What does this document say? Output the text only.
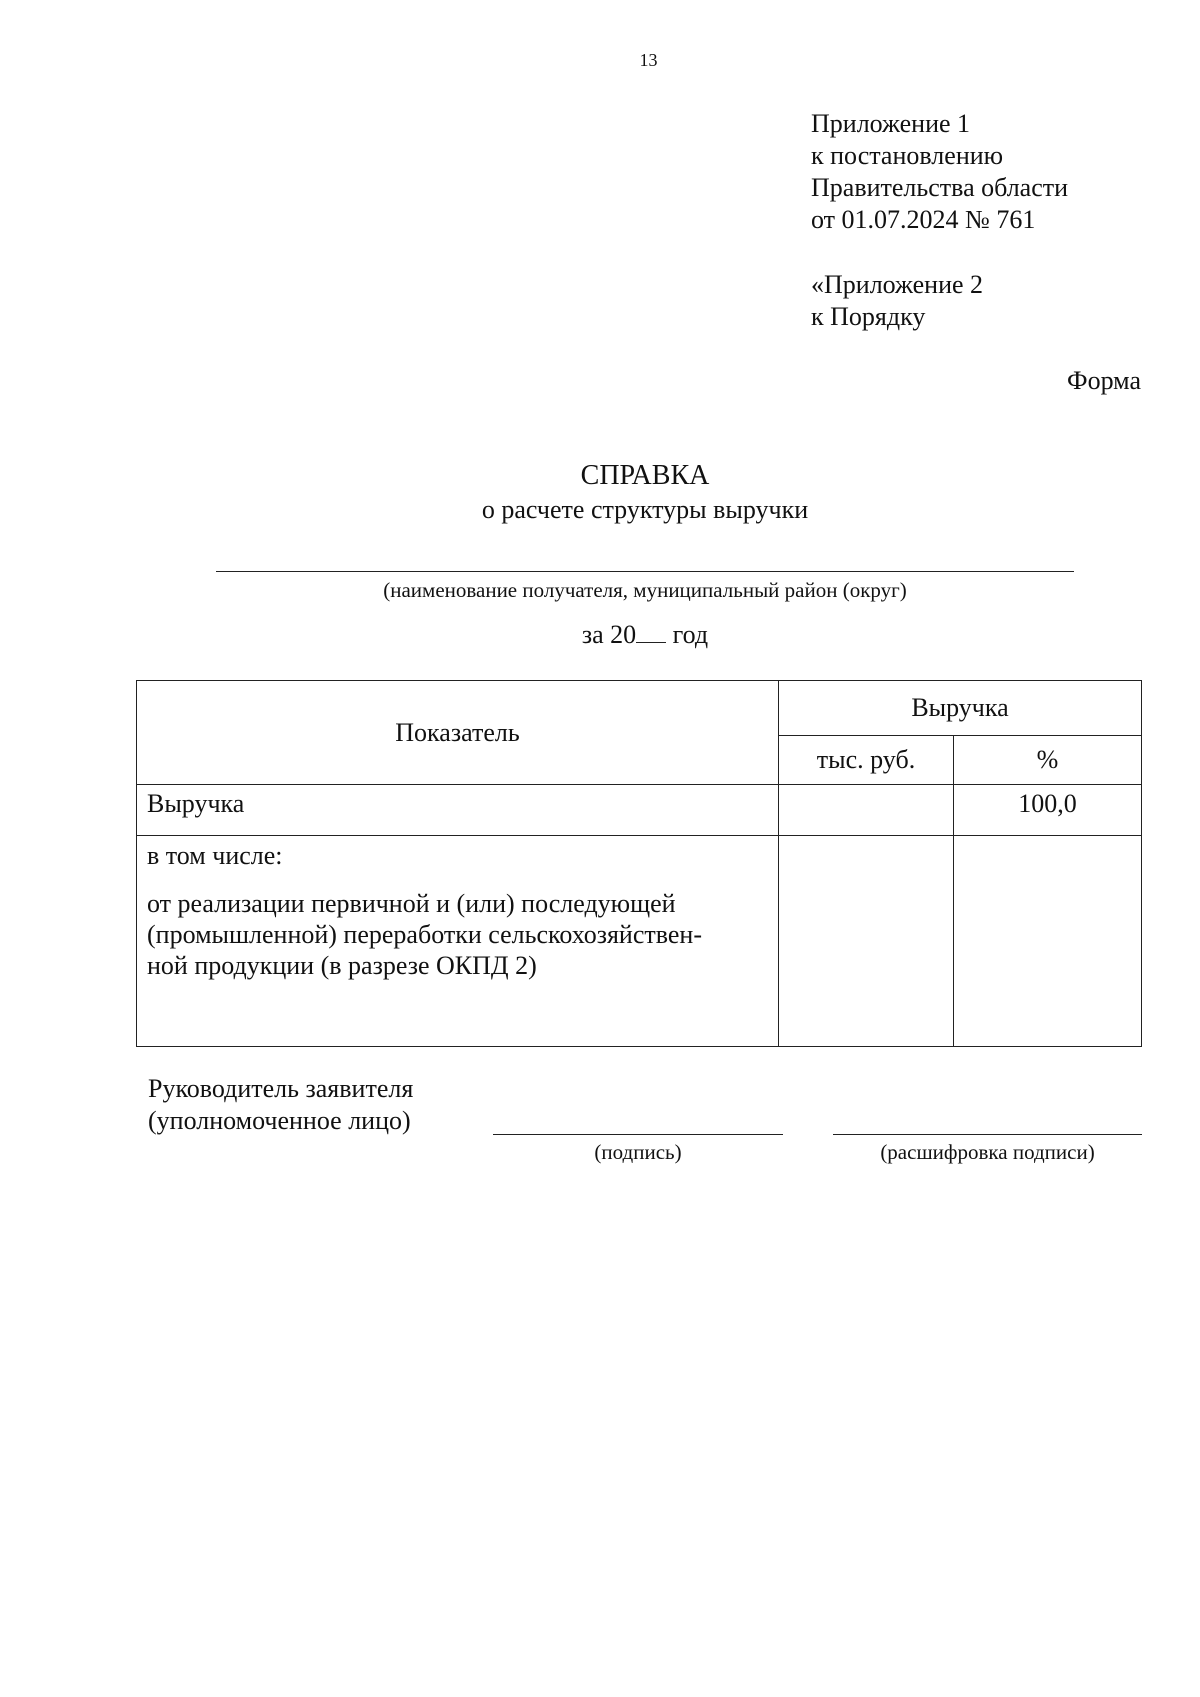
13
Приложение 1
к постановлению
Правительства области
от 01.07.2024 № 761
«Приложение 2
к Порядку
Форма
СПРАВКА
о расчете структуры выручки
(наименование получателя, муниципальный район (округ)
за 20 год
Показатель	Выручка	
	тыс. руб.	%
Выручка		100,0

в том числе:
от реализации первичной и (или) последующей
(промышленной) переработки сельскохозяйствен-
ной продукции (в разрезе ОКПД 2)		

Руководитель заявителя
(уполномоченное лицо)
(подпись)	(расшифровка подписи)
